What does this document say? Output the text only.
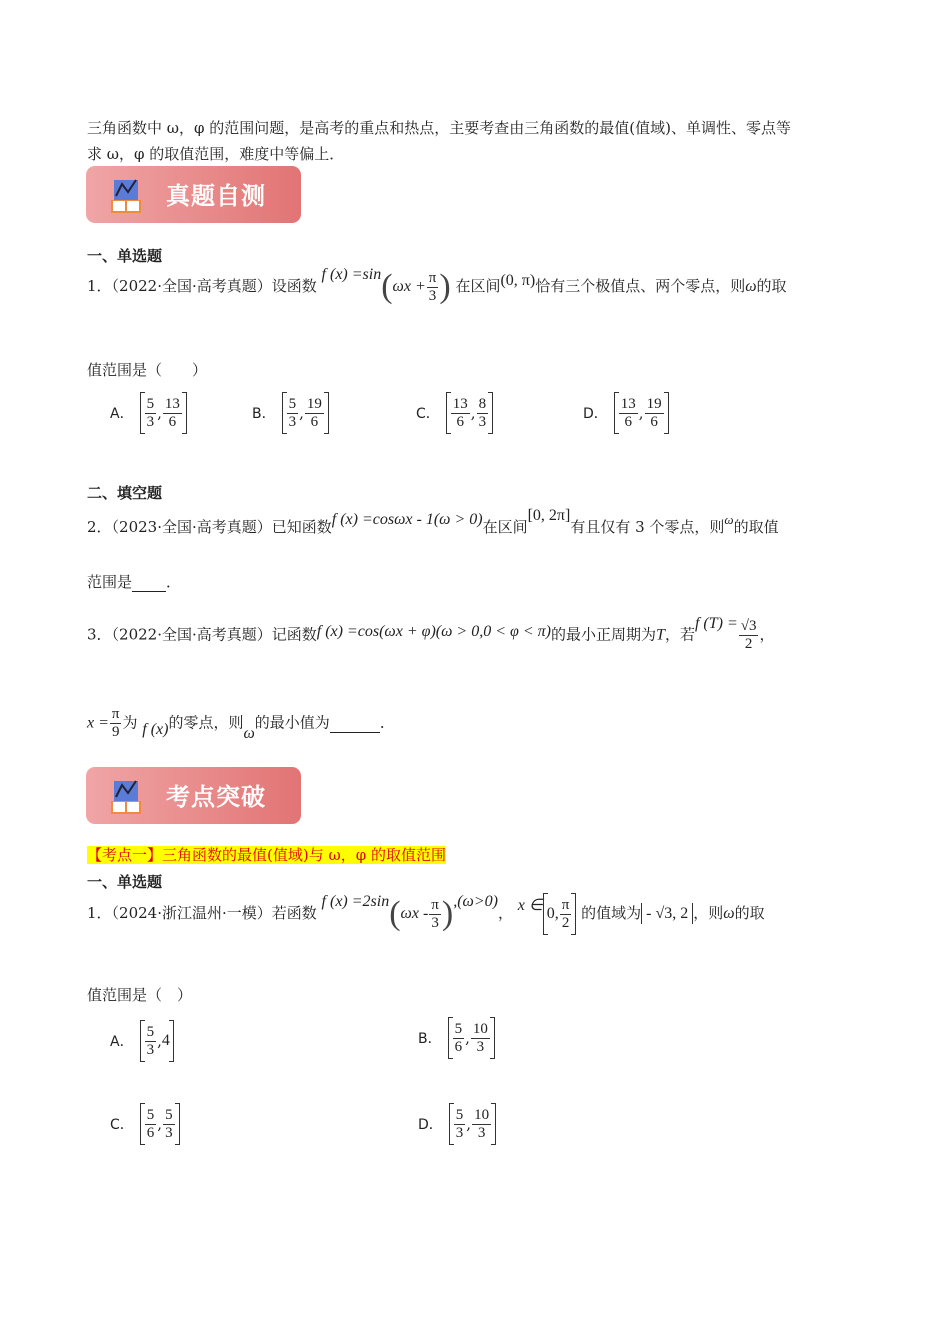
三角函数中 ω，φ 的范围问题，是高考的重点和热点，主要考查由三角函数的最值(值域)、单调性、零点等
求 ω，φ 的取值范围，难度中等偏上．
真题自测
一、单选题
1．（2022·全国·高考真题）设函数 f $(x) =\sin(\omega x + \frac{\pi}{3}$ ) 在区间(0, π)恰有三个极值点、两个零点，则ω的取
值范围是（　　）
A． $\frac{5}{3}$ , $\frac{13}{6}$	B． $\frac{5}{3}$ , $\frac{19}{6}$	C． $\frac{13}{6}$ , $\frac{8}{3}$	D． $\frac{13}{6}$ , $\frac{19}{6}$
二、填空题
2．（2023·全国·高考真题）已知函数f (x) =cosωx - 1(ω > 0)在区间[0, 2π]有且仅有 3 个零点，则ω的取值
范围是 ．
3．（2022·全国·高考真题）记函数f (x) =cos(ωx + φ)(ω > 0,0 < φ < π)的最小正周期为T，若f $(T) = \frac{√3}{2}$ ，
$x = \frac{\pi}{9}$ 为 f (x)的零点，则ω的最小值为	．
考点突破
【考点一】三角函数的最值(值域)与 ω，φ 的取值范围
一、单选题
1．（2024·浙江温州·一模）若函数 f $(x) =2\sin(\omega x - \frac{\pi}{3} ),(\omega>0)$， x ∈ 0, $\frac{\pi}{2}$ 的值域为 - √3, 2 ，则ω的取
值范围是（　）
A． $\frac{5}{3}$ , 4	B． $\frac{5}{6}$ , $\frac{10}{3}$
C． $\frac{5}{6}$ , $\frac{5}{3}$	D． $\frac{5}{3}$ , $\frac{10}{3}$
